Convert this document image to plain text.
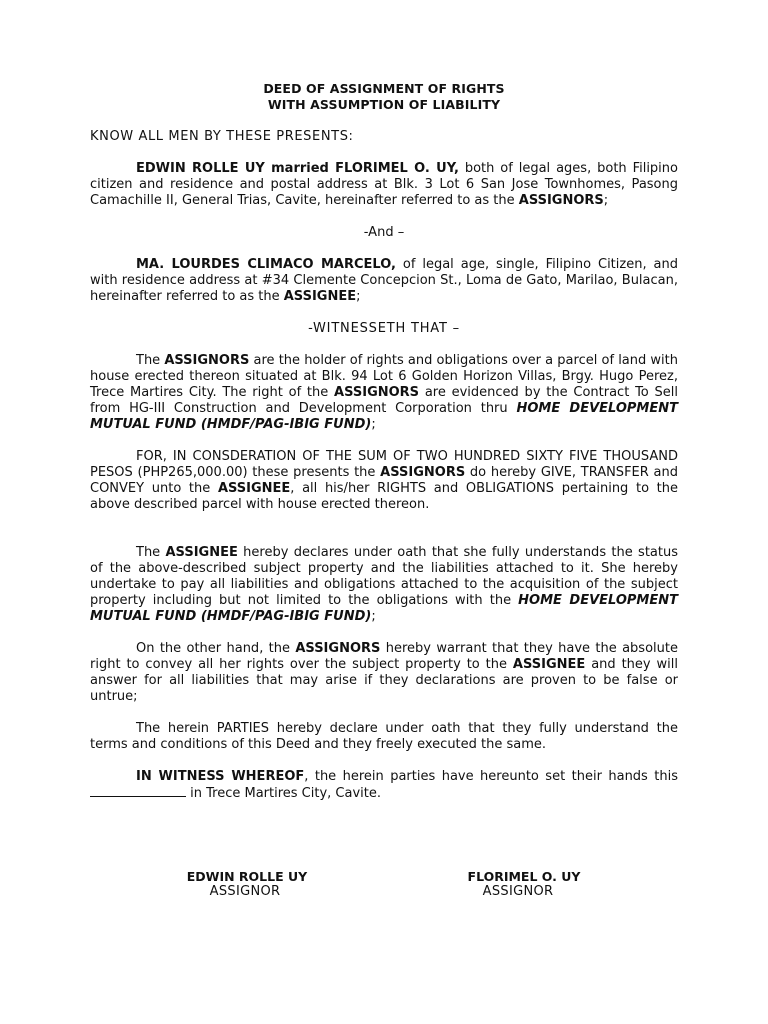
DEED OF ASSIGNMENT OF RIGHTS
WITH ASSUMPTION OF LIABILITY
KNOW ALL MEN BY THESE PRESENTS:
EDWIN ROLLE UY married FLORIMEL O. UY, both of legal ages, both Filipino citizen and residence and postal address at Blk. 3 Lot 6 San Jose Townhomes, Pasong Camachille II, General Trias, Cavite, hereinafter referred to as the ASSIGNORS;
-And –
MA. LOURDES CLIMACO MARCELO, of legal age, single, Filipino Citizen, and with residence address at #34 Clemente Concepcion St., Loma de Gato, Marilao, Bulacan, hereinafter referred to as the ASSIGNEE;
-WITNESSETH THAT –
The ASSIGNORS are the holder of rights and obligations over a parcel of land with house erected thereon situated at Blk. 94 Lot 6 Golden Horizon Villas, Brgy. Hugo Perez, Trece Martires City. The right of the ASSIGNORS are evidenced by the Contract To Sell from HG-III Construction and Development Corporation thru HOME DEVELOPMENT MUTUAL FUND (HMDF/PAG-IBIG FUND);
FOR, IN CONSDERATION OF THE SUM OF TWO HUNDRED SIXTY FIVE THOUSAND PESOS (PHP265,000.00) these presents the ASSIGNORS do hereby GIVE, TRANSFER and CONVEY unto the ASSIGNEE, all his/her RIGHTS and OBLIGATIONS pertaining to the above described parcel with house erected thereon.
The ASSIGNEE hereby declares under oath that she fully understands the status of the above-described subject property and the liabilities attached to it. She hereby undertake to pay all liabilities and obligations attached to the acquisition of the subject property including but not limited to the obligations with the HOME DEVELOPMENT MUTUAL FUND (HMDF/PAG-IBIG FUND);
On the other hand, the ASSIGNORS hereby warrant that they have the absolute right to convey all her rights over the subject property to the ASSIGNEE and they will answer for all liabilities that may arise if they declarations are proven to be false or untrue;
The herein PARTIES hereby declare under oath that they fully understand the terms and conditions of this Deed and they freely executed the same.
IN WITNESS WHEREOF, the herein parties have hereunto set their hands this  in Trece Martires City, Cavite.
EDWIN ROLLE UY
ASSIGNOR
FLORIMEL O. UY
ASSIGNOR
